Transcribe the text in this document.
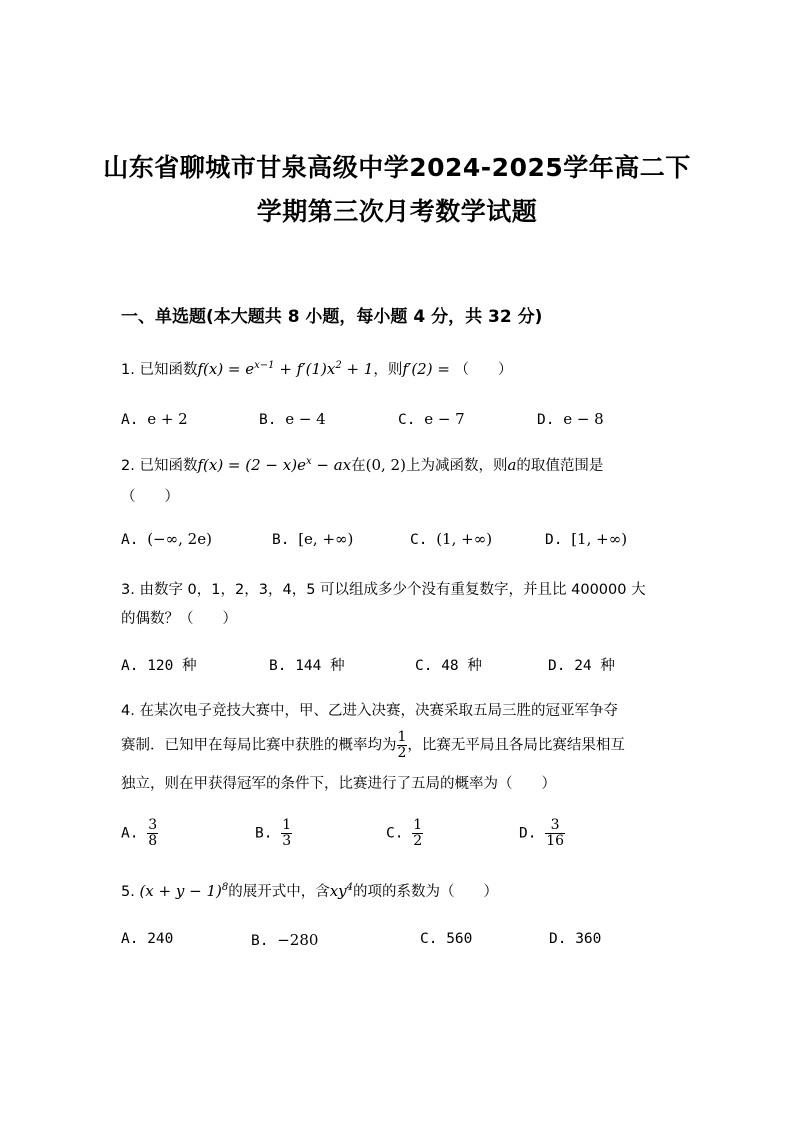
山东省聊城市甘泉高级中学2024-2025学年高二下
学期第三次月考数学试题
一、单选题(本大题共 8 小题，每小题 4 分，共 32 分)
1. 已知函数$f(x) = e^{x-1} + f'(1)x^2 + 1$，则f′(2) = （　　）
A. e + 2	B. e − 4	C. e − 7	D. e − 8
2. 已知函数$f(x) = (2 - x)e^x$ − ax在(0, 2)上为减函数，则a的取值范围是
（　　）
A. (−∞, 2e)	B. [e, +∞)	C. (1, +∞)	D. [1, +∞)
3. 由数字 0，1，2，3，4，5 可以组成多少个没有重复数字，并且比 400000 大
的偶数？（　　）
A. 120 种	B. 144 种	C. 48 种	D. 24 种
4. 在某次电子竞技大赛中，甲、乙进入决赛，决赛采取五局三胜的冠亚军争夺
赛制．已知甲在每局比赛中获胜的概率均为 $\frac{1}{2}$ ，比赛无平局且各局比赛结果相互
独立，则在甲获得冠军的条件下，比赛进行了五局的概率为（　　）
A. $\frac{3}{8}$	B. $\frac{1}{3}$	C. $\frac{1}{2}$	D. $\frac{3}{16}$
5. $(x + y - 1)^8$的展开式中，含$xy^4$的项的系数为（　　）
A. 240	B. −280	C. 560	D. 360
